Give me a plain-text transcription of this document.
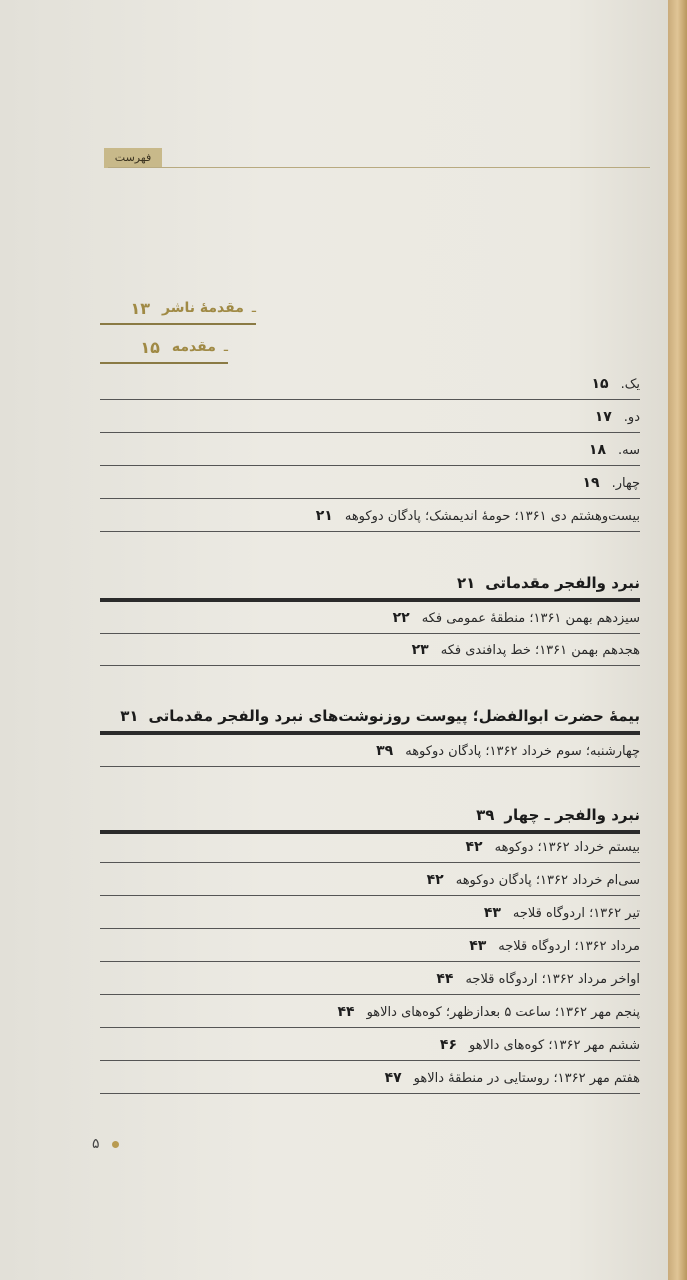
فهرست
ـ
مقدمهٔ ناشر
۱۳
ـ
مقدمه
۱۵
یک.
۱۵
دو.
۱۷
سه.
۱۸
چهار.
۱۹
بیست‌وهشتم دی ۱۳۶۱؛ حومهٔ اندیمشک؛ پادگان دوکوهه
۲۱
نبرد والفجر مقدماتی
۲۱
سیزدهم بهمن ۱۳۶۱؛ منطقهٔ عمومی فکه
۲۲
هجدهم بهمن ۱۳۶۱؛ خط پدافندی فکه
۲۳
بیمهٔ حضرت ابوالفضل؛ پیوست روزنوشت‌های نبرد والفجر مقدماتی
۳۱
چهارشنبه؛ سوم خرداد ۱۳۶۲؛ پادگان دوکوهه
۳۹
نبرد والفجر ـ چهار
۳۹
بیستم خرداد ۱۳۶۲؛ دوکوهه
۴۲
سی‌ام خرداد ۱۳۶۲؛ پادگان دوکوهه
۴۲
تیر ۱۳۶۲؛ اردوگاه قلاجه
۴۳
مرداد ۱۳۶۲؛ اردوگاه قلاجه
۴۳
اواخر مرداد ۱۳۶۲؛ اردوگاه قلاجه
۴۴
پنجم مهر ۱۳۶۲؛ ساعت ۵ بعدازظهر؛ کوه‌های دالاهو
۴۴
ششم مهر ۱۳۶۲؛ کوه‌های دالاهو
۴۶
هفتم مهر ۱۳۶۲؛ روستایی در منطقهٔ دالاهو
۴۷
۵
